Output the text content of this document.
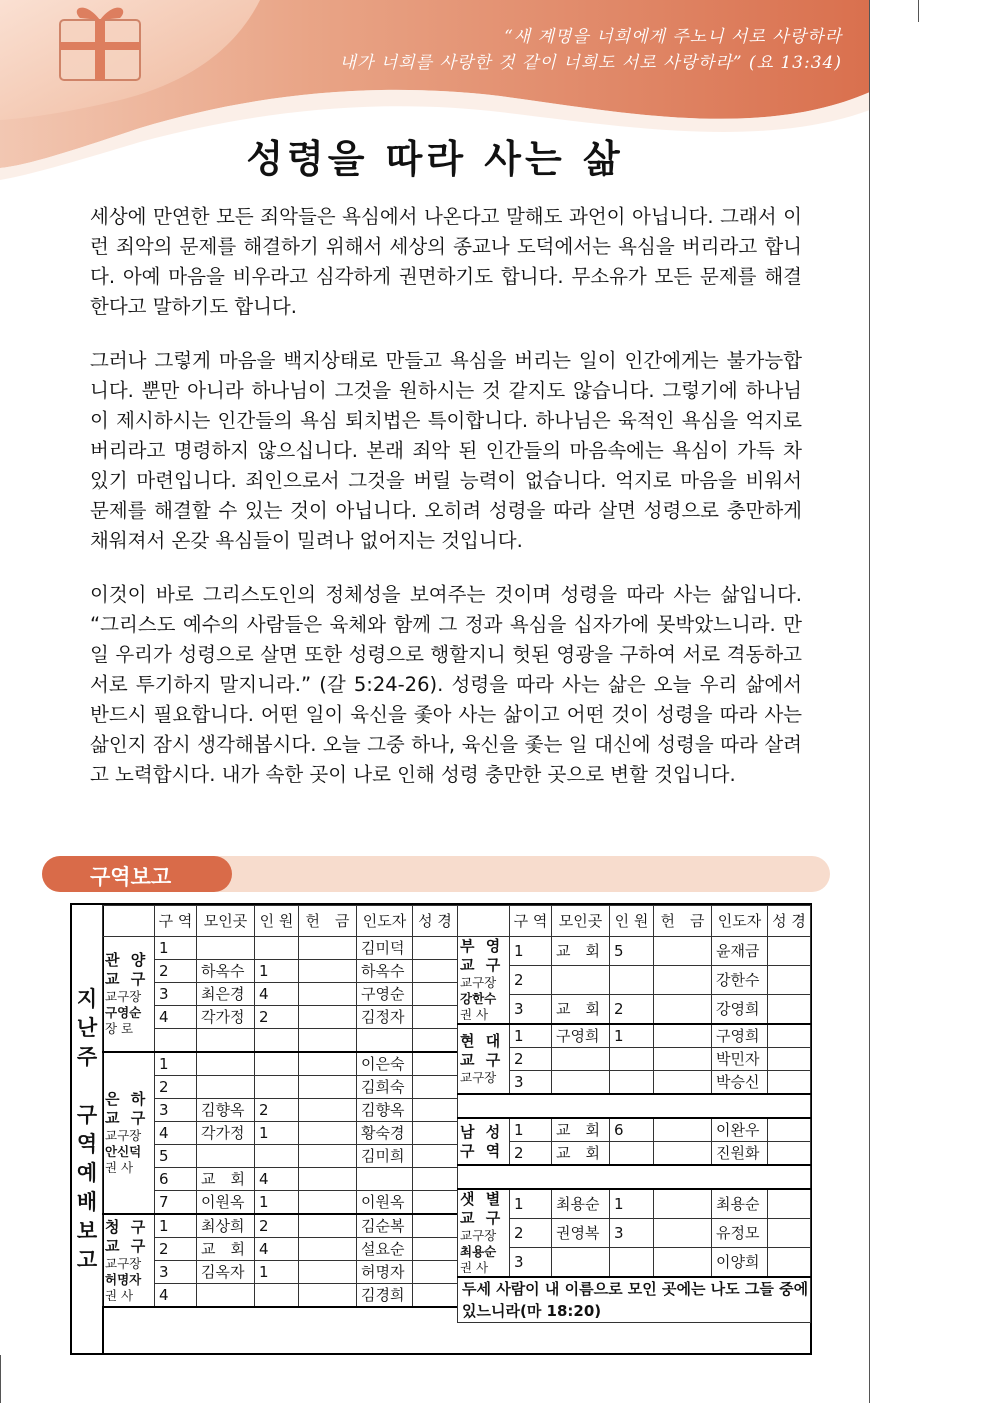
“새 계명을 너희에게 주노니 서로 사랑하라
내가 너희를 사랑한 것 같이 너희도 서로 사랑하라” (요 13:34)
성령을 따라 사는 삶

세상에 만연한 모든 죄악들은 욕심에서 나온다고 말해도 과언이 아닙니다. 그래서 이런 죄악의 문제를 해결하기 위해서 세상의 종교나 도덕에서는 욕심을 버리라고 합니다. 아예 마음을 비우라고 심각하게 권면하기도 합니다. 무소유가 모든 문제를 해결한다고 말하기도 합니다.

그러나 그렇게 마음을 백지상태로 만들고 욕심을 버리는 일이 인간에게는 불가능합니다. 뿐만 아니라 하나님이 그것을 원하시는 것 같지도 않습니다. 그렇기에 하나님이 제시하시는 인간들의 욕심 퇴치법은 특이합니다. 하나님은 육적인 욕심을 억지로 버리라고 명령하지 않으십니다. 본래 죄악 된 인간들의 마음속에는 욕심이 가득 차 있기 마련입니다. 죄인으로서 그것을 버릴 능력이 없습니다. 억지로 마음을 비워서 문제를 해결할 수 있는 것이 아닙니다. 오히려 성령을 따라 살면 성령으로 충만하게 채워져서 온갖 욕심들이 밀려나 없어지는 것입니다.

이것이 바로 그리스도인의 정체성을 보여주는 것이며 성령을 따라 사는 삶입니다. “그리스도 예수의 사람들은 육체와 함께 그 정과 욕심을 십자가에 못박았느니라. 만일 우리가 성령으로 살면 또한 성령으로 행할지니 헛된 영광을 구하여 서로 격동하고 서로 투기하지 말지니라.” (갈 5:24-26). 성령을 따라 사는 삶은 오늘 우리 삶에서 반드시 필요합니다. 어떤 일이 육신을 좇아 사는 삶이고 어떤 것이 성령을 따라 사는 삶인지 잠시 생각해봅시다. 오늘 그중 하나, 육신을 좇는 일 대신에 성령을 따라 살려고 노력합시다. 내가 속한 곳이 나로 인해 성령 충만한 곳으로 변할 것입니다.

구역보고
지
난
주
구
역
예
배
보
고
	구 역	모인곳	인 원	헌　금	인도자	성 경

관 양
교 구
교구장
구영순
장 로	1				김미덕	
	2	하옥수	1		하옥수	
	3	최은경	4		구영순	
	4	각가정	2		김정자	

은 하
교 구
교구장
안신덕
권 사	1				이은숙	
	2				김희숙	
	3	김향옥	2		김향옥	
	4	각가정	1		황숙경	
	5				김미희	
	6	교　회	4			
	7	이원옥	1		이원옥	

청 구
교 구
교구장
허명자
권 사	1	최상희	2		김순복	
	2	교　회	4		설요순	
	3	김옥자	1		허명자	
	4				김경희	
	구 역	모인곳	인 원	헌　금	인도자	성 경

부 영
교 구
교구장
강한수
권 사	1	교　회	5		윤재금	
	2				강한수	
	3	교　회	2		강영희	

현 대
교 구
교구장	1	구영희	1		구영희	
	2				박민자	
	3				박승신	

남 성
구 역	1	교　회	6		이완우	
	2	교　회			진원화	

샛 별
교 구
교구장
최용순
권 사	1	최용순	1		최용순	
	2	권영복	3		유정모	
	3				이양희	
두세 사람이 내 이름으로 모인 곳에는 나도 그들 중에 있느니라(마 18:20)						
